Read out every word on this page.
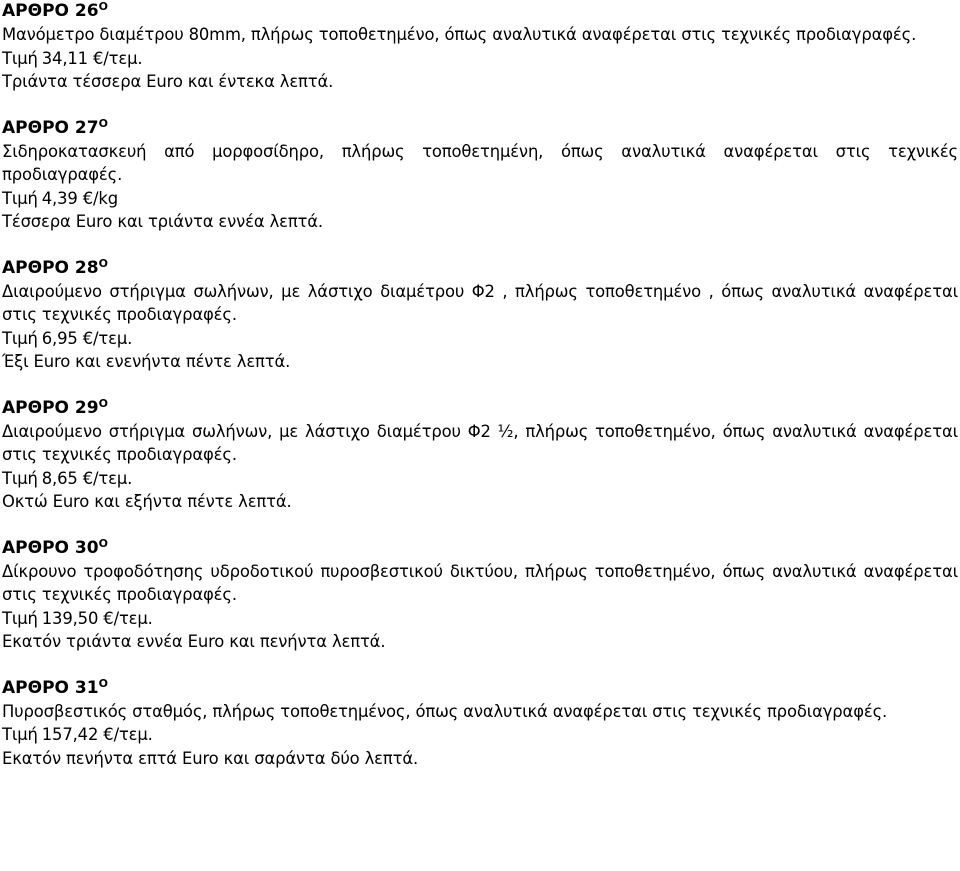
ΑΡΘΡΟ $26^O$
Μανόμετρο διαμέτρου 80mm, πλήρως τοποθετημένο, όπως αναλυτικά αναφέρεται στις τεχνικές προδιαγραφές.
Τιμή 34,11 €/τεμ.
Τριάντα τέσσερα Euro και έντεκα λεπτά.
ΑΡΘΡΟ $27^O$
Σιδηροκατασκευή από μορφοσίδηρο, πλήρως τοποθετημένη, όπως αναλυτικά αναφέρεται στις τεχνικές προδιαγραφές.
Τιμή 4,39 €/kg
Τέσσερα Euro και τριάντα εννέα λεπτά.
ΑΡΘΡΟ $28^O$
Διαιρούμενο στήριγμα σωλήνων, με λάστιχο διαμέτρου Φ2 , πλήρως τοποθετημένο , όπως αναλυτικά αναφέρεται στις τεχνικές προδιαγραφές.
Τιμή 6,95 €/τεμ.
Έξι Euro και ενενήντα πέντε λεπτά.
ΑΡΘΡΟ $29^O$
Διαιρούμενο στήριγμα σωλήνων, με λάστιχο διαμέτρου Φ2 ½, πλήρως τοποθετημένο, όπως αναλυτικά αναφέρεται στις τεχνικές προδιαγραφές.
Τιμή 8,65 €/τεμ.
Οκτώ Euro και εξήντα πέντε λεπτά.
ΑΡΘΡΟ $30^O$
Δίκρουνο τροφοδότησης υδροδοτικού πυροσβεστικού δικτύου, πλήρως τοποθετημένο, όπως αναλυτικά αναφέρεται στις τεχνικές προδιαγραφές.
Τιμή 139,50 €/τεμ.
Εκατόν τριάντα εννέα Euro και πενήντα λεπτά.
ΑΡΘΡΟ $31^O$
Πυροσβεστικός σταθμός, πλήρως τοποθετημένος, όπως αναλυτικά αναφέρεται στις τεχνικές προδιαγραφές.
Τιμή 157,42 €/τεμ.
Εκατόν πενήντα επτά Euro και σαράντα δύο λεπτά.
